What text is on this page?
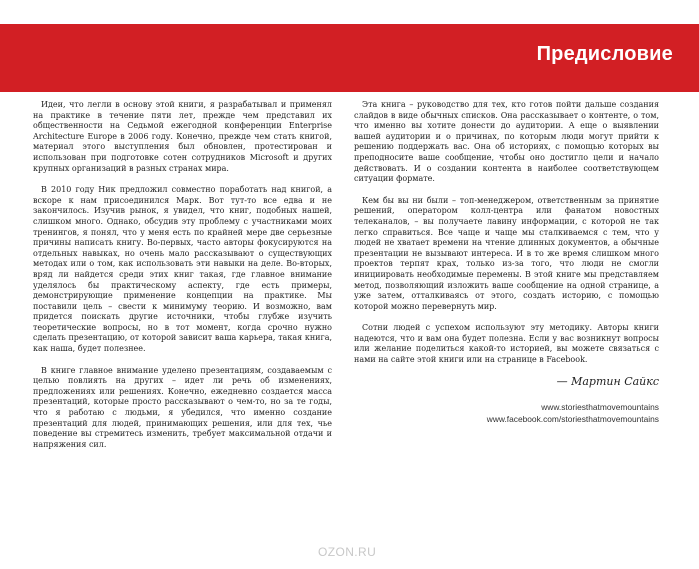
Предисловие

Идеи, что легли в основу этой книги, я разрабатывал и применял на практике в течение пяти лет, прежде чем представил их общественности на Седьмой ежегодной конференции Enterprise Architecture Europe в 2006 году. Конечно, прежде чем стать книгой, материал этого выступления был обновлен, протестирован и использован при подготовке сотен сотрудников Microsoft и других крупных организаций в разных странах мира.

В 2010 году Ник предложил совместно поработать над книгой, а вскоре к нам присоединился Марк. Вот тут-то все едва и не закончилось. Изучив рынок, я увидел, что книг, подобных нашей, слишком много. Однако, обсудив эту проблему с участниками моих тренингов, я понял, что у меня есть по крайней мере две серьезные причины написать книгу. Во-первых, часто авторы фокусируются на отдельных навыках, но очень мало рассказывают о существующих методах или о том, как использовать эти навыки на деле. Во-вторых, вряд ли найдется среди этих книг такая, где главное внимание уделялось бы практическому аспекту, где есть примеры, демонстрирующие применение концепции на практике. Мы поставили цель – свести к минимуму теорию. И возможно, вам придется поискать другие источники, чтобы глубже изучить теоретические вопросы, но в тот момент, когда срочно нужно сделать презентацию, от которой зависит ваша карьера, такая книга, как наша, будет полезнее.

В книге главное внимание уделено презентациям, создаваемым с целью повлиять на других – идет ли речь об изменениях, предложениях или решениях. Конечно, ежедневно создается масса презентаций, которые просто рассказывают о чем-то, но за те годы, что я работаю с людьми, я убедился, что именно создание презентаций для людей, принимающих решения, или для тех, чье поведение вы стремитесь изменить, требует максимальной отдачи и напряжения сил.

Эта книга – руководство для тех, кто готов пойти дальше создания слайдов в виде обычных списков. Она рассказывает о контенте, о том, что именно вы хотите донести до аудитории. А еще о выявлении вашей аудитории и о причинах, по которым люди могут прийти к решению поддержать вас. Она об историях, с помощью которых вы преподносите ваше сообщение, чтобы оно достигло цели и начало действовать. И о создании контента в наиболее соответствующем ситуации формате.

Кем бы вы ни были – топ-менеджером, ответственным за принятие решений, оператором колл-центра или фанатом новостных телеканалов, – вы получаете лавину информации, с которой не так легко справиться. Все чаще и чаще мы сталкиваемся с тем, что у людей не хватает времени на чтение длинных документов, а обычные презентации не вызывают интереса. И в то же время слишком много проектов терпят крах, только из-за того, что люди не смогли инициировать необходимые перемены. В этой книге мы представляем метод, позволяющий изложить ваше сообщение на одной странице, а уже затем, отталкиваясь от этого, создать историю, с помощью которой можно перевернуть мир.

Сотни людей с успехом используют эту методику. Авторы книги надеются, что и вам она будет полезна. Если у вас возникнут вопросы или желание поделиться какой-то историей, вы можете связаться с нами на сайте этой книги или на странице в Facebook.

— Мартин Сайкс
www.storiesthatmovemountains
www.facebook.com/storiesthatmovemountains
OZON.RU
